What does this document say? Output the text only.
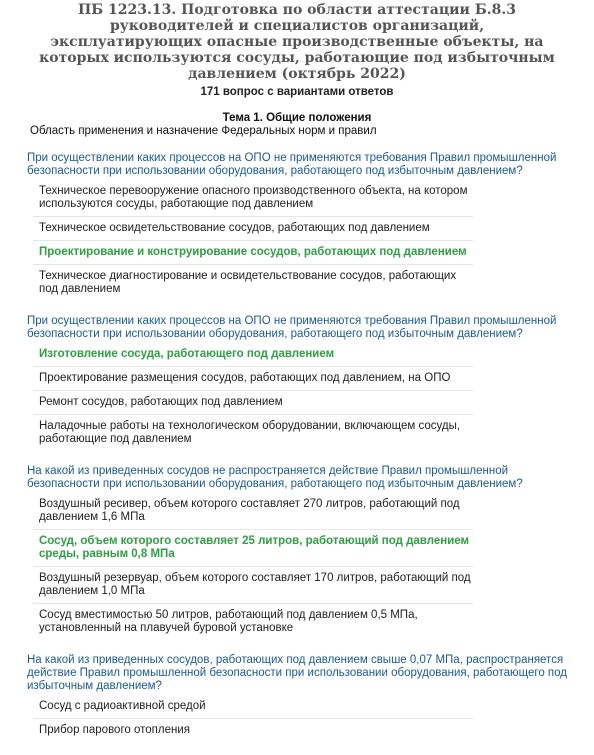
ПБ 1223.13. Подготовка по области аттестации Б.8.3 руководителей и специалистов организаций, эксплуатирующих опасные производственные объекты, на которых используются сосуды, работающие под избыточным давлением (октябрь 2022)
171 вопрос с вариантами ответов
Тема 1. Общие положения
Область применения и назначение Федеральных норм и правил
При осуществлении каких процессов на ОПО не применяются требования Правил промышленной безопасности при использовании оборудования, работающего под избыточным давлением?
Техническое перевооружение опасного производственного объекта, на котором используются сосуды, работающие под давлением
Техническое освидетельствование сосудов, работающих под давлением
Проектирование и конструирование сосудов, работающих под давлением
Техническое диагностирование и освидетельствование сосудов, работающих под давлением
При осуществлении каких процессов на ОПО не применяются требования Правил промышленной безопасности при использовании оборудования, работающего под избыточным давлением?
Изготовление сосуда, работающего под давлением
Проектирование размещения сосудов, работающих под давлением, на ОПО
Ремонт сосудов, работающих под давлением
Наладочные работы на технологическом оборудовании, включающем сосуды, работающие под давлением
На какой из приведенных сосудов не распространяется действие Правил промышленной безопасности при использовании оборудования, работающего под избыточным давлением?
Воздушный ресивер, объем которого составляет 270 литров, работающий под давлением 1,6 МПа
Сосуд, объем которого составляет 25 литров, работающий под давлением среды, равным 0,8 МПа
Воздушный резервуар, объем которого составляет 170 литров, работающий под давлением 1,0 МПа
Сосуд вместимостью 50 литров, работающий под давлением 0,5 МПа, установленный на плавучей буровой установке
На какой из приведенных сосудов, работающих под давлением свыше 0,07 МПа, распространяется действие Правил промышленной безопасности при использовании оборудования, работающего под избыточным давлением?
Сосуд с радиоактивной средой
Прибор парового отопления
